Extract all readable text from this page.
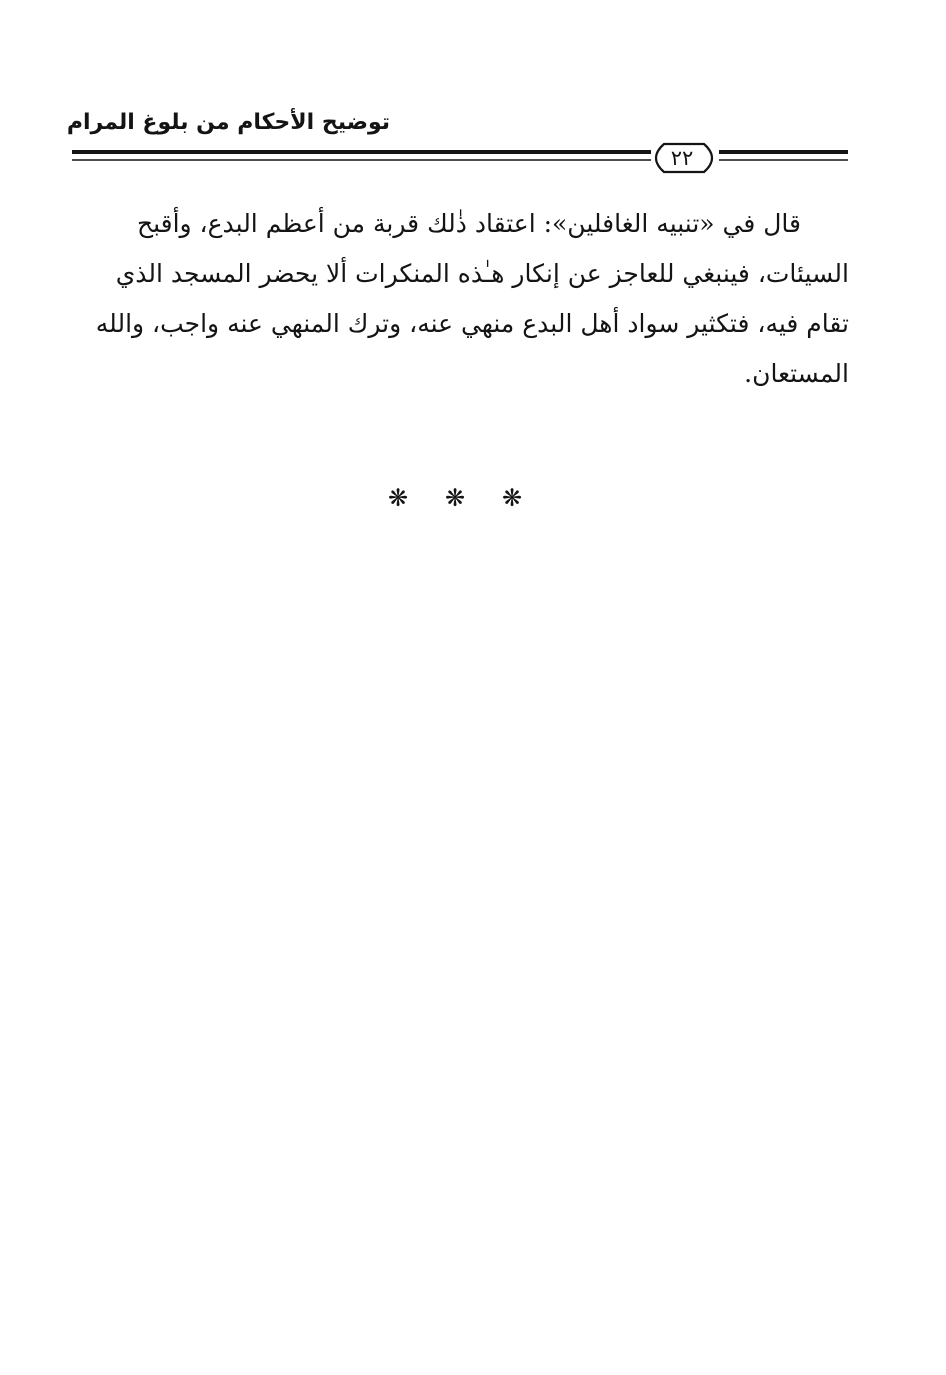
توضيح الأحكام من بلوغ المرام
٢٢
قال في «تنبيه الغافلين»: اعتقاد ذٰلك قربة من أعظم البدع، وأقبح
السيئات، فينبغي للعاجز عن إنكار هـٰذه المنكرات ألا يحضر المسجد الذي
تقام فيه، فتكثير سواد أهل البدع منهي عنه، وترك المنهي عنه واجب، والله
المستعان.
❋	❋	❋
